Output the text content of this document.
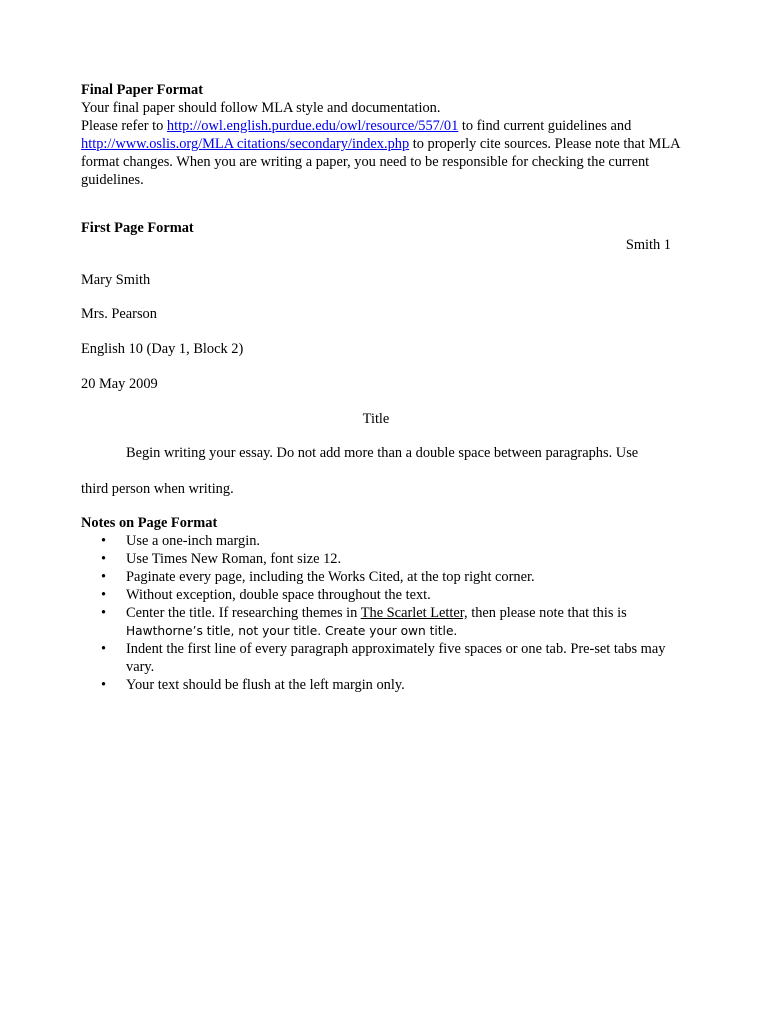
Final Paper Format
Your final paper should follow MLA style and documentation.
Please refer to http://owl.english.purdue.edu/owl/resource/557/01 to find current guidelines and http://www.oslis.org/MLA citations/secondary/index.php to properly cite sources. Please note that MLA format changes. When you are writing a paper, you need to be responsible for checking the current guidelines.
First Page Format
Smith 1
Mary Smith
Mrs. Pearson
English 10 (Day 1, Block 2)
20 May 2009
Title
Begin writing your essay. Do not add more than a double space between paragraphs. Use
third person when writing.
Notes on Page Format
• Use a one-inch margin.
• Use Times New Roman, font size 12.
• Paginate every page, including the Works Cited, at the top right corner.
• Without exception, double space throughout the text.
• Center the title. If researching themes in The Scarlet Letter, then please note that this is
Hawthorne’s title, not your title. Create your own title.
• Indent the first line of every paragraph approximately five spaces or one tab. Pre-set tabs may vary.
• Your text should be flush at the left margin only.
